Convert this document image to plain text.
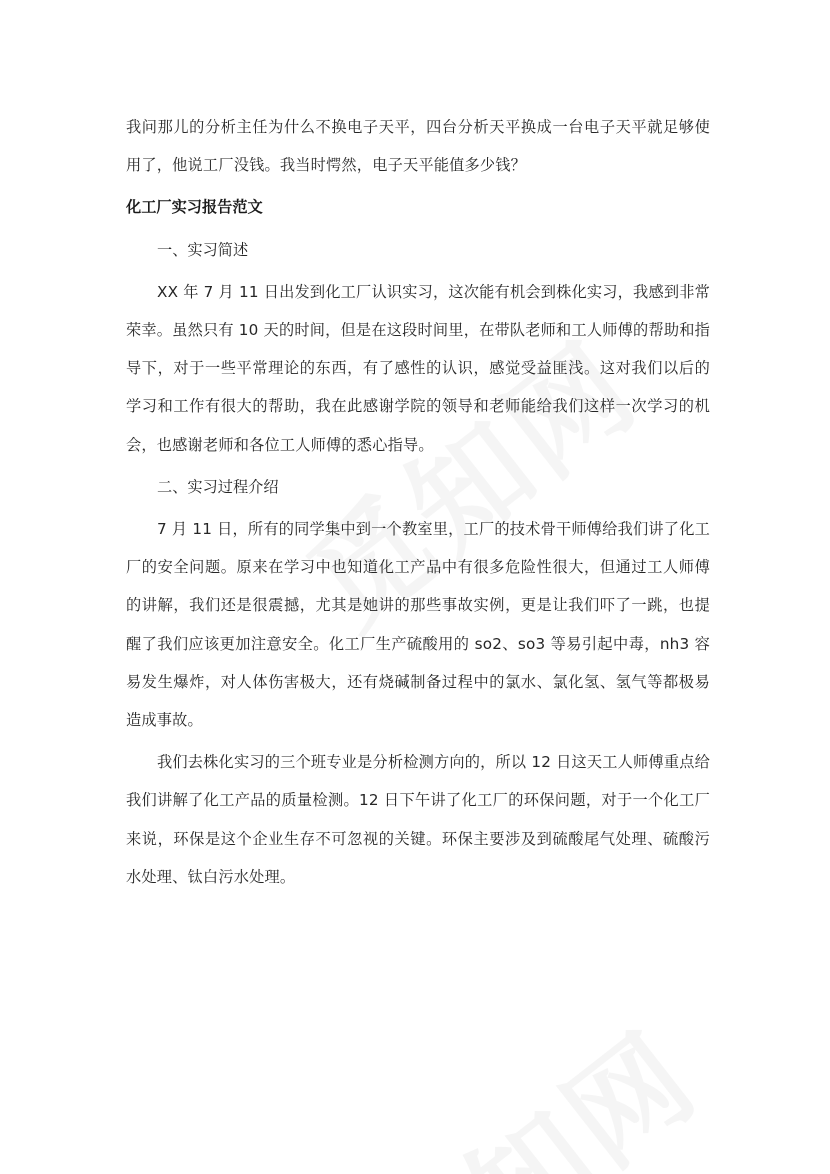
我问那儿的分析主任为什么不换电子天平，四台分析天平换成一台电子天平就足够使用了，他说工厂没钱。我当时愕然，电子天平能值多少钱？

化工厂实习报告范文

一、实习简述

XX 年 7 月 11 日出发到化工厂认识实习，这次能有机会到株化实习，我感到非常荣幸。虽然只有 10 天的时间，但是在这段时间里，在带队老师和工人师傅的帮助和指导下，对于一些平常理论的东西，有了感性的认识，感觉受益匪浅。这对我们以后的学习和工作有很大的帮助，我在此感谢学院的领导和老师能给我们这样一次学习的机会，也感谢老师和各位工人师傅的悉心指导。

二、实习过程介绍

7 月 11 日，所有的同学集中到一个教室里，工厂的技术骨干师傅给我们讲了化工厂的安全问题。原来在学习中也知道化工产品中有很多危险性很大，但通过工人师傅的讲解，我们还是很震撼，尤其是她讲的那些事故实例，更是让我们吓了一跳，也提醒了我们应该更加注意安全。化工厂生产硫酸用的 so2、so3 等易引起中毒，nh3 容易发生爆炸，对人体伤害极大，还有烧碱制备过程中的氯水、氯化氢、氢气等都极易造成事故。

我们去株化实习的三个班专业是分析检测方向的，所以 12 日这天工人师傅重点给我们讲解了化工产品的质量检测。12 日下午讲了化工厂的环保问题，对于一个化工厂来说，环保是这个企业生存不可忽视的关键。环保主要涉及到硫酸尾气处理、硫酸污水处理、钛白污水处理。
